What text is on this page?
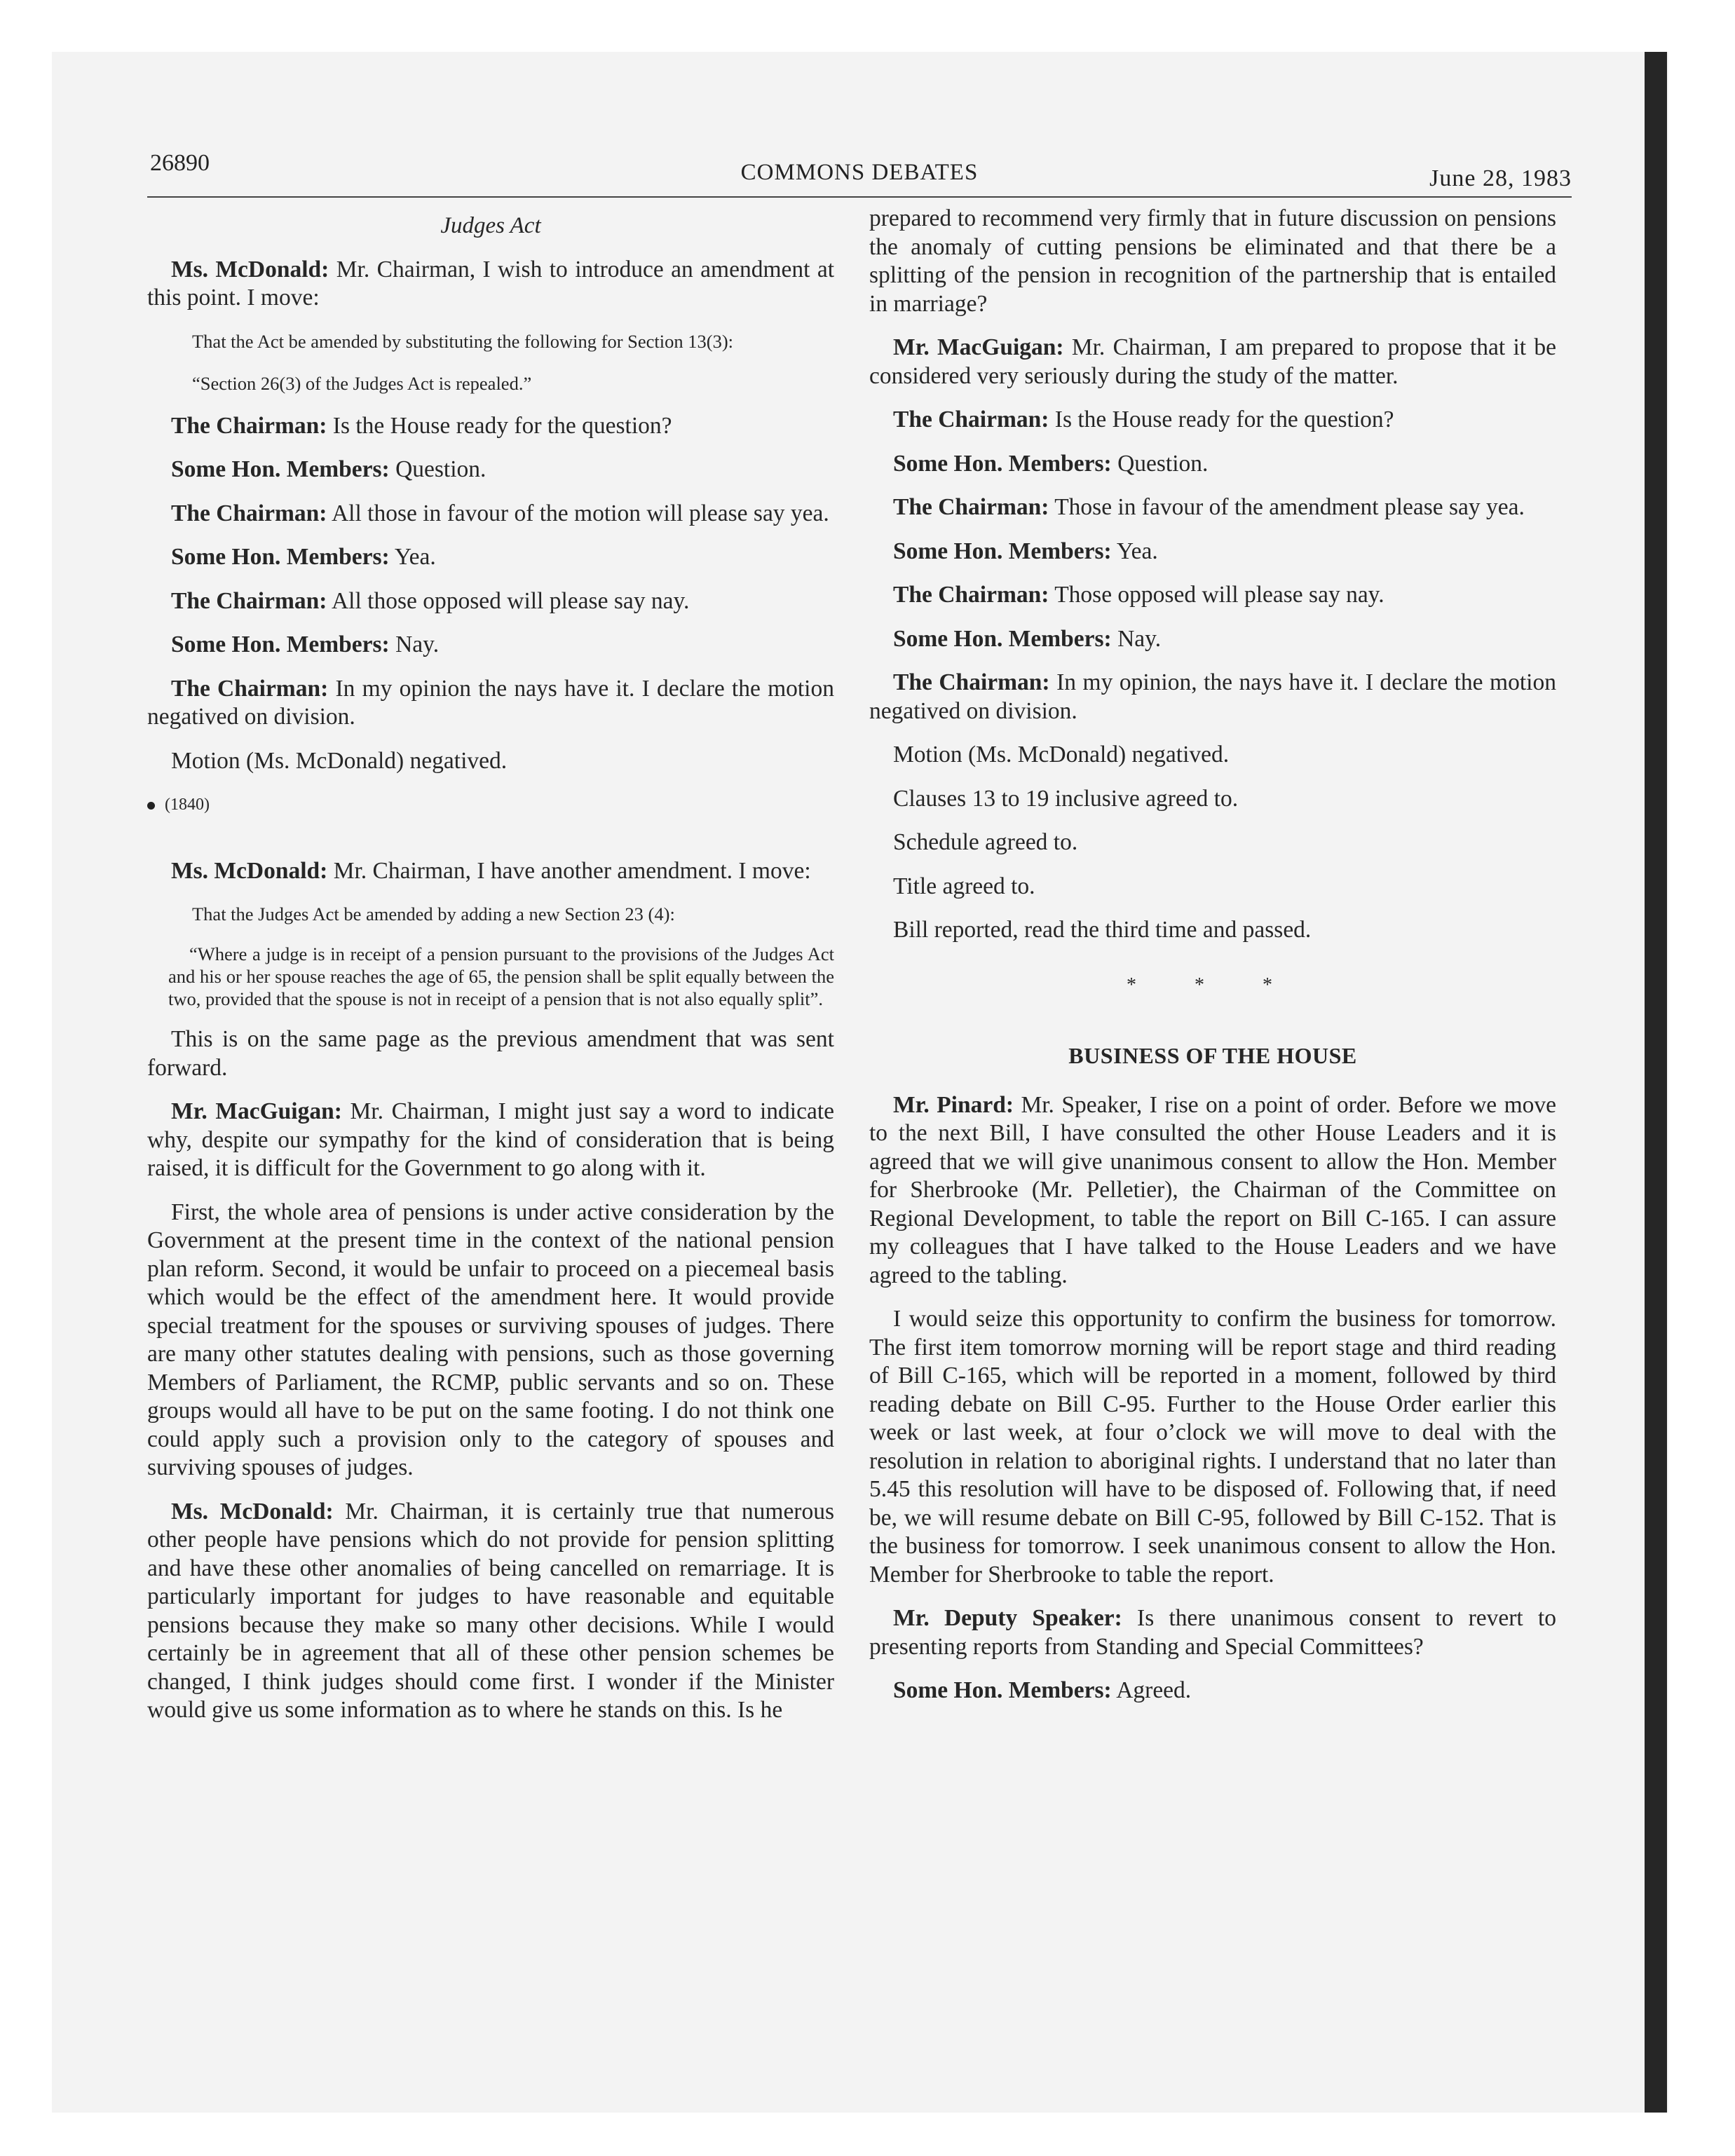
26890	COMMONS DEBATES	June 28, 1983
Judges Act

Ms. McDonald: Mr. Chairman, I wish to introduce an amendment at this point. I move:

That the Act be amended by substituting the following for Section 13(3):

“Section 26(3) of the Judges Act is repealed.”

The Chairman: Is the House ready for the question?

Some Hon. Members: Question.

The Chairman: All those in favour of the motion will please say yea.

Some Hon. Members: Yea.

The Chairman: All those opposed will please say nay.

Some Hon. Members: Nay.

The Chairman: In my opinion the nays have it. I declare the motion negatived on division.

Motion (Ms. McDonald) negatived.

(1840)

Ms. McDonald: Mr. Chairman, I have another amendment. I move:

That the Judges Act be amended by adding a new Section 23 (4):

“Where a judge is in receipt of a pension pursuant to the provisions of the Judges Act and his or her spouse reaches the age of 65, the pension shall be split equally between the two, provided that the spouse is not in receipt of a pension that is not also equally split”.

This is on the same page as the previous amendment that was sent forward.

Mr. MacGuigan: Mr. Chairman, I might just say a word to indicate why, despite our sympathy for the kind of consideration that is being raised, it is difficult for the Government to go along with it.

First, the whole area of pensions is under active consideration by the Government at the present time in the context of the national pension plan reform. Second, it would be unfair to proceed on a piecemeal basis which would be the effect of the amendment here. It would provide special treatment for the spouses or surviving spouses of judges. There are many other statutes dealing with pensions, such as those governing Members of Parliament, the RCMP, public servants and so on. These groups would all have to be put on the same footing. I do not think one could apply such a provision only to the category of spouses and surviving spouses of judges.

Ms. McDonald: Mr. Chairman, it is certainly true that numerous other people have pensions which do not provide for pension splitting and have these other anomalies of being cancelled on remarriage. It is particularly important for judges to have reasonable and equitable pensions because they make so many other decisions. While I would certainly be in agreement that all of these other pension schemes be changed, I think judges should come first. I wonder if the Minister would give us some information as to where he stands on this. Is he

prepared to recommend very firmly that in future discussion on pensions the anomaly of cutting pensions be eliminated and that there be a splitting of the pension in recognition of the partnership that is entailed in marriage?

Mr. MacGuigan: Mr. Chairman, I am prepared to propose that it be considered very seriously during the study of the matter.

The Chairman: Is the House ready for the question?

Some Hon. Members: Question.

The Chairman: Those in favour of the amendment please say yea.

Some Hon. Members: Yea.

The Chairman: Those opposed will please say nay.

Some Hon. Members: Nay.

The Chairman: In my opinion, the nays have it. I declare the motion negatived on division.

Motion (Ms. McDonald) negatived.

Clauses 13 to 19 inclusive agreed to.

Schedule agreed to.

Title agreed to.

Bill reported, read the third time and passed.

* * *
BUSINESS OF THE HOUSE

Mr. Pinard: Mr. Speaker, I rise on a point of order. Before we move to the next Bill, I have consulted the other House Leaders and it is agreed that we will give unanimous consent to allow the Hon. Member for Sherbrooke (Mr. Pelletier), the Chairman of the Committee on Regional Development, to table the report on Bill C-165. I can assure my colleagues that I have talked to the House Leaders and we have agreed to the tabling.

I would seize this opportunity to confirm the business for tomorrow. The first item tomorrow morning will be report stage and third reading of Bill C-165, which will be reported in a moment, followed by third reading debate on Bill C-95. Further to the House Order earlier this week or last week, at four o’clock we will move to deal with the resolution in relation to aboriginal rights. I understand that no later than 5.45 this resolution will have to be disposed of. Following that, if need be, we will resume debate on Bill C-95, followed by Bill C-152. That is the business for tomorrow. I seek unanimous consent to allow the Hon. Member for Sherbrooke to table the report.

Mr. Deputy Speaker: Is there unanimous consent to revert to presenting reports from Standing and Special Committees?

Some Hon. Members: Agreed.
